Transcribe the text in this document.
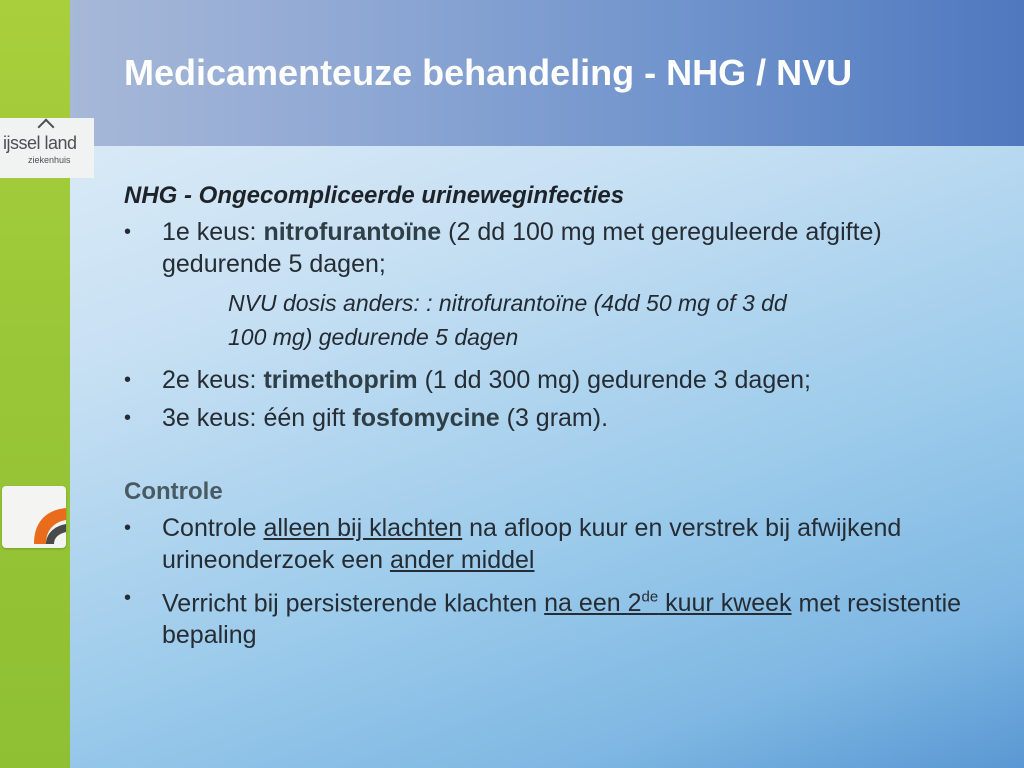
ijssel land
ziekenhuis
Medicamenteuze behandeling - NHG / NVU
NHG - Ongecompliceerde urineweginfecties
• 1e keus: nitrofurantoïne (2 dd 100 mg met gereguleerde afgifte) gedurende 5 dagen;
NVU dosis anders: : nitrofurantoïne (4dd 50 mg of 3 dd
100 mg) gedurende 5 dagen
• 2e keus: trimethoprim (1 dd 300 mg) gedurende 3 dagen;
• 3e keus: één gift fosfomycine (3 gram).
Controle
• Controle alleen bij klachten na afloop kuur en verstrek bij afwijkend urineonderzoek een ander middel
• Verricht bij persisterende klachten na een 2de kuur kweek met resistentie bepaling
